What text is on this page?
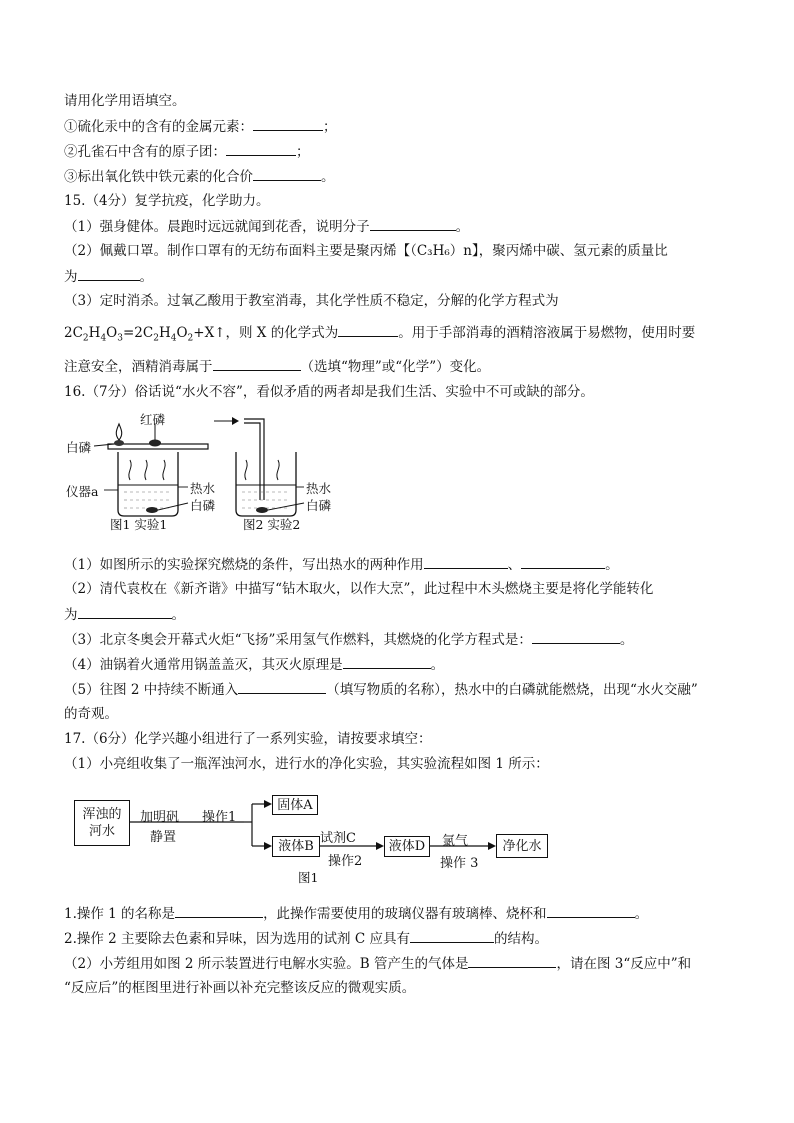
请用化学用语填空。
①硫化汞中的含有的金属元素：	；
②孔雀石中含有的原子团：	；
③标出氧化铁中铁元素的化合价	。
15.（4分）复学抗疫，化学助力。
（1）强身健体。晨跑时远远就闻到花香，说明分子	。
（2）佩戴口罩。制作口罩有的无纺布面料主要是聚丙烯【（C₃H₆）n】，聚丙烯中碳、氢元素的质量比
为	。
（3）定时消杀。过氧乙酸用于教室消毒，其化学性质不稳定，分解的化学方程式为
$2C_2H_4O_3=2C_2H_4O_2+X↑$，则 X 的化学式为	。用于手部消毒的酒精溶液属于易燃物，使用时要
注意安全，酒精消毒属于	（选填“物理”或“化学”）变化。
16.（7分）俗话说“水火不容”，看似矛盾的两者却是我们生活、实验中不可或缺的部分。
红磷
白磷
仪器a	热水
白磷
图1 实验1
热水
白磷
图2 实验2
（1）如图所示的实验探究燃烧的条件，写出热水的两种作用	、	。
（2）清代袁枚在《新齐谐》中描写“钻木取火，以作大烹”，此过程中木头燃烧主要是将化学能转化
为	。
（3）北京冬奥会开幕式火炬“飞扬”采用氢气作燃料，其燃烧的化学方程式是：	。
（4）油锅着火通常用锅盖盖灭，其灭火原理是	。
（5）往图 2 中持续不断通入	（填写物质的名称），热水中的白磷就能燃烧，出现“水火交融”
的奇观。
17.（6分）化学兴趣小组进行了一系列实验，请按要求填空：
（1）小亮组收集了一瓶浑浊河水，进行水的净化实验，其实验流程如图 1 所示：
浑浊的
河水
加明矾
静置
操作1
固体A
液体B
试剂C
操作2
液体D	氯气
操作 3
净化水
图1
1.操作 1 的名称是	，此操作需要使用的玻璃仪器有玻璃棒、烧杯和	。
2.操作 2 主要除去色素和异味，因为选用的试剂 C 应具有	的结构。
（2）小芳组用如图 2 所示装置进行电解水实验。B 管产生的气体是	，请在图 3“反应中”和
“反应后”的框图里进行补画以补充完整该反应的微观实质。
